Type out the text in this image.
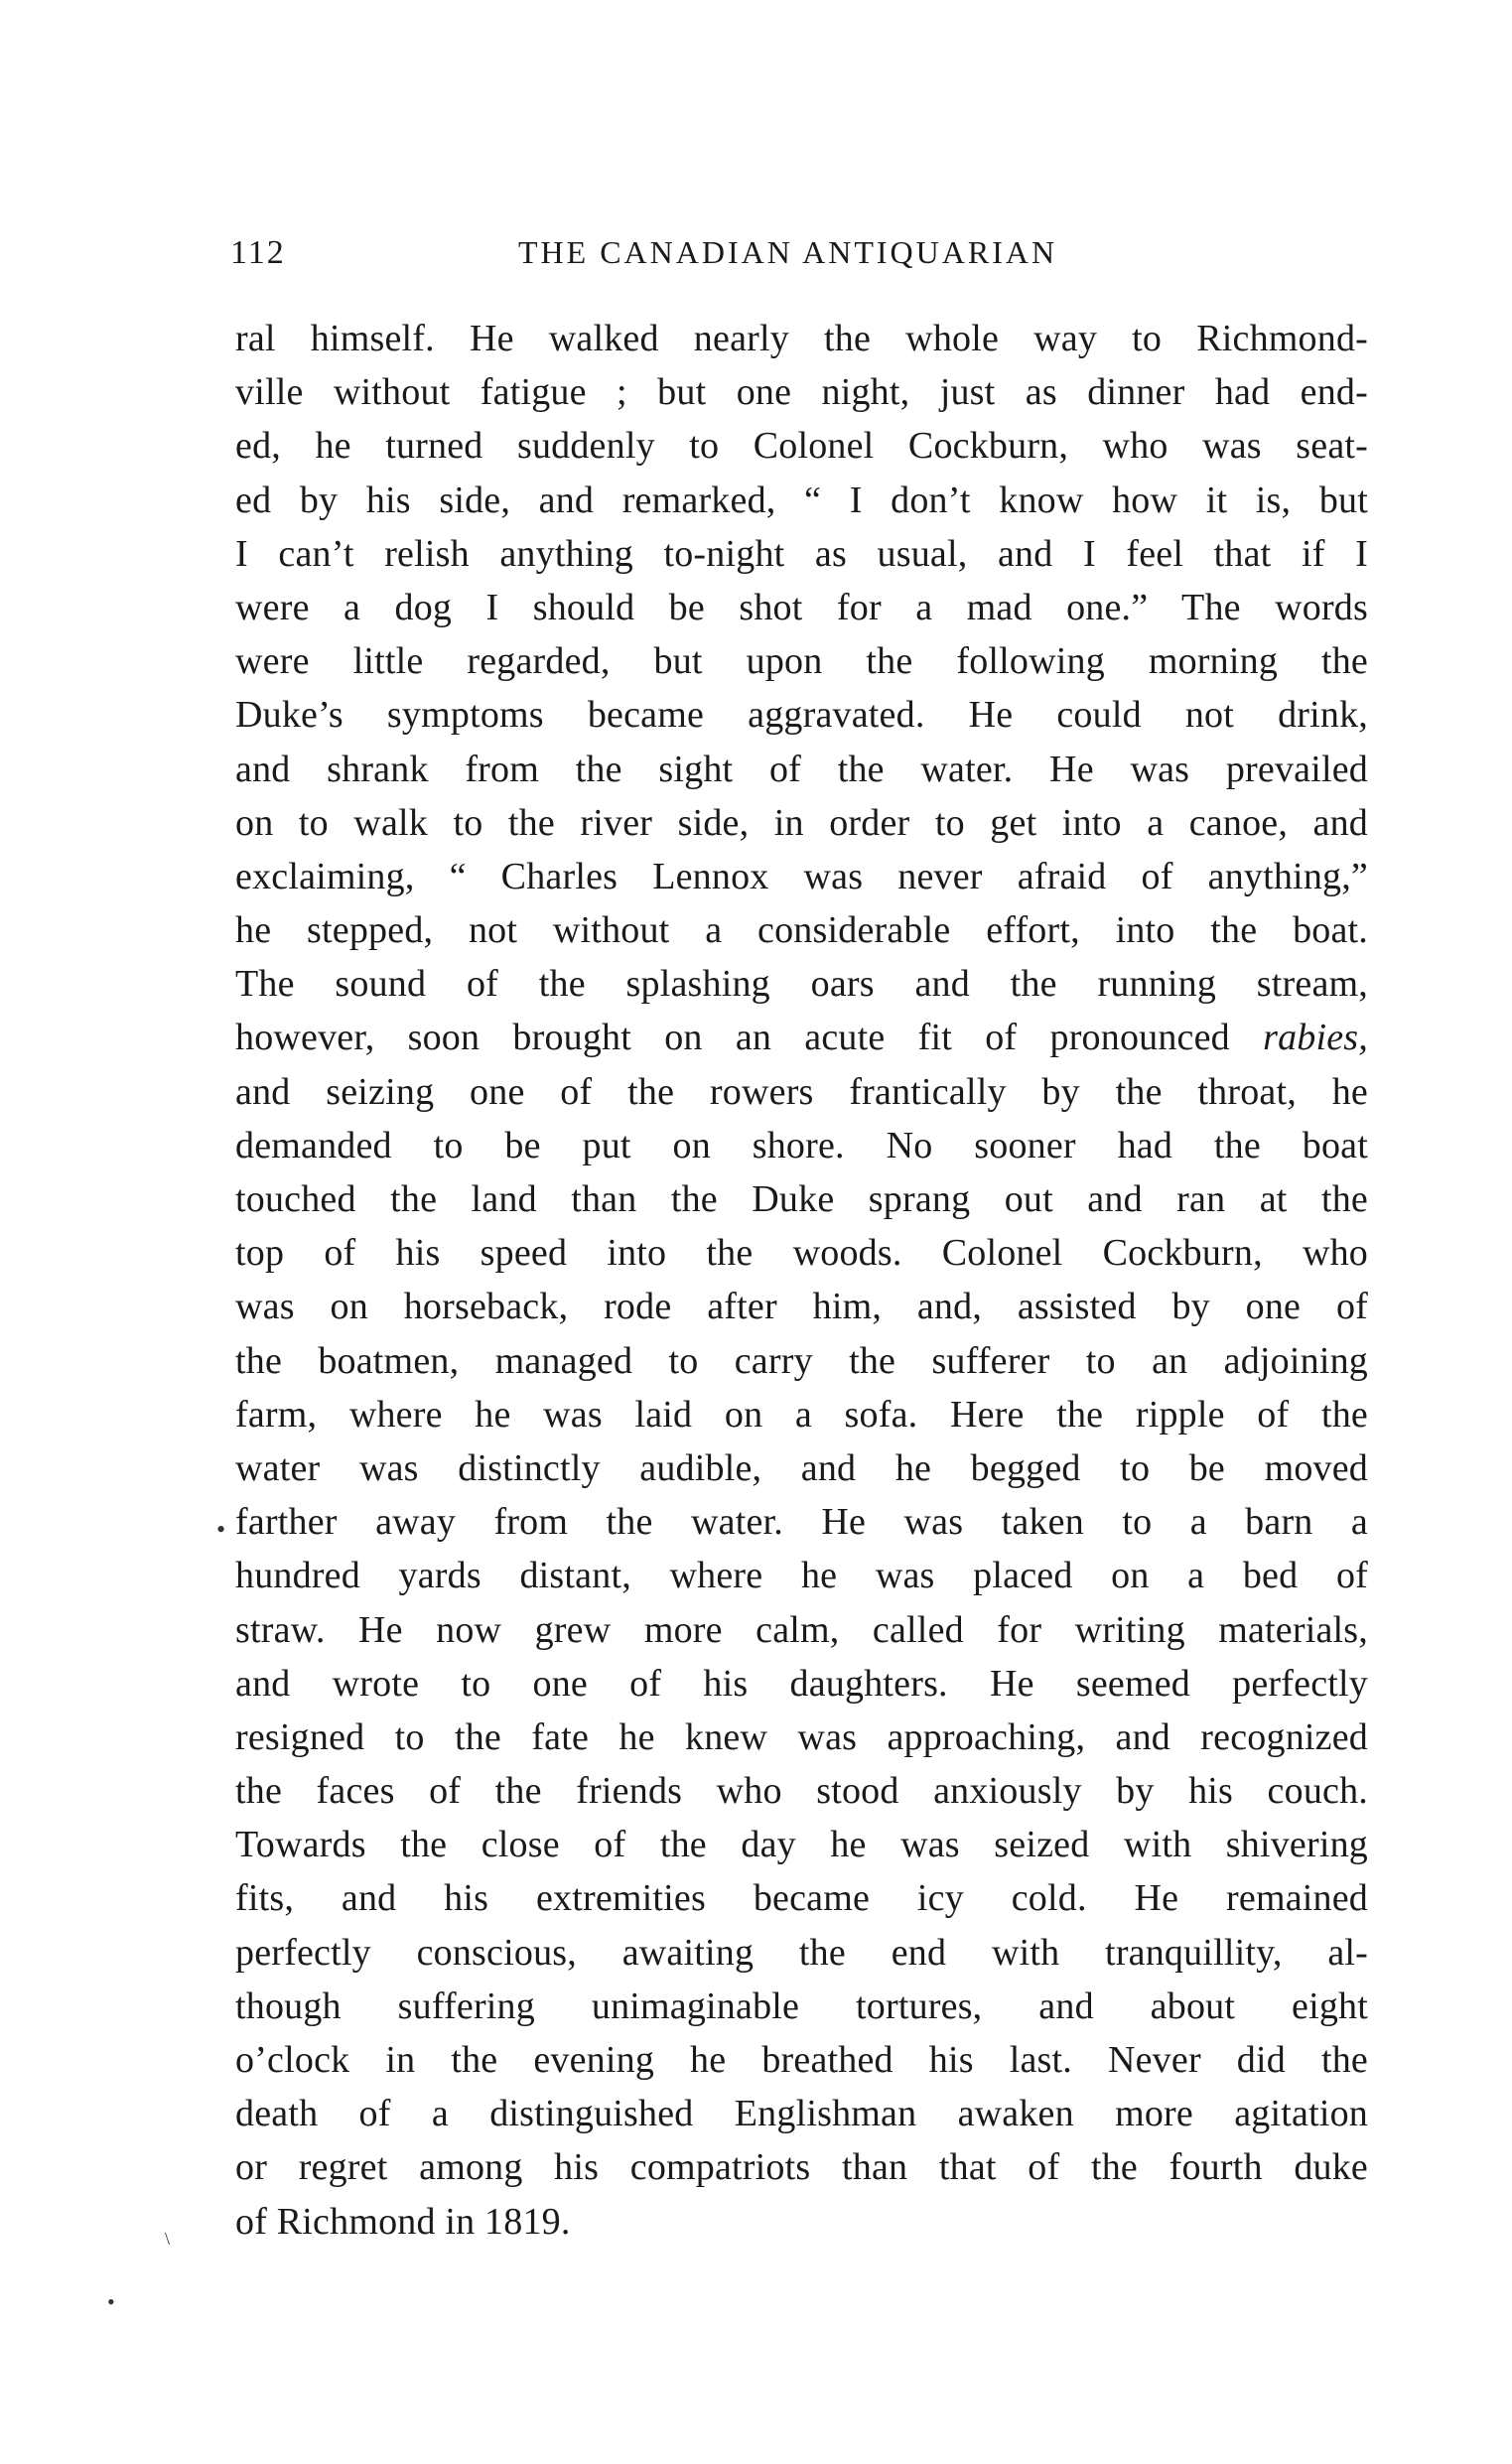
112	THE CANADIAN ANTIQUARIAN
ral himself. He walked nearly the whole way to Richmond-
ville without fatigue ; but one night, just as dinner had end-
ed, he turned suddenly to Colonel Cockburn, who was seat-
ed by his side, and remarked, “ I don’t know how it is, but
I can’t relish anything to-night as usual, and I feel that if I
were a dog I should be shot for a mad one.” The words
were little regarded, but upon the following morning the
Duke’s symptoms became aggravated. He could not drink,
and shrank from the sight of the water. He was prevailed
on to walk to the river side, in order to get into a canoe, and
exclaiming, “ Charles Lennox was never afraid of anything,”
he stepped, not without a considerable effort, into the boat.
The sound of the splashing oars and the running stream,
however, soon brought on an acute fit of pronounced rabies,
and seizing one of the rowers frantically by the throat, he
demanded to be put on shore. No sooner had the boat
touched the land than the Duke sprang out and ran at the
top of his speed into the woods. Colonel Cockburn, who
was on horseback, rode after him, and, assisted by one of
the boatmen, managed to carry the sufferer to an adjoining
farm, where he was laid on a sofa. Here the ripple of the
water was distinctly audible, and he begged to be moved
farther away from the water. He was taken to a barn a
hundred yards distant, where he was placed on a bed of
straw. He now grew more calm, called for writing materials,
and wrote to one of his daughters. He seemed perfectly
resigned to the fate he knew was approaching, and recognized
the faces of the friends who stood anxiously by his couch.
Towards the close of the day he was seized with shivering
fits, and his extremities became icy cold. He remained
perfectly conscious, awaiting the end with tranquillity, al-
though suffering unimaginable tortures, and about eight
o’clock in the evening he breathed his last. Never did the
death of a distinguished Englishman awaken more agitation
or regret among his compatriots than that of the fourth duke
of Richmond in 1819.
•
•
\
